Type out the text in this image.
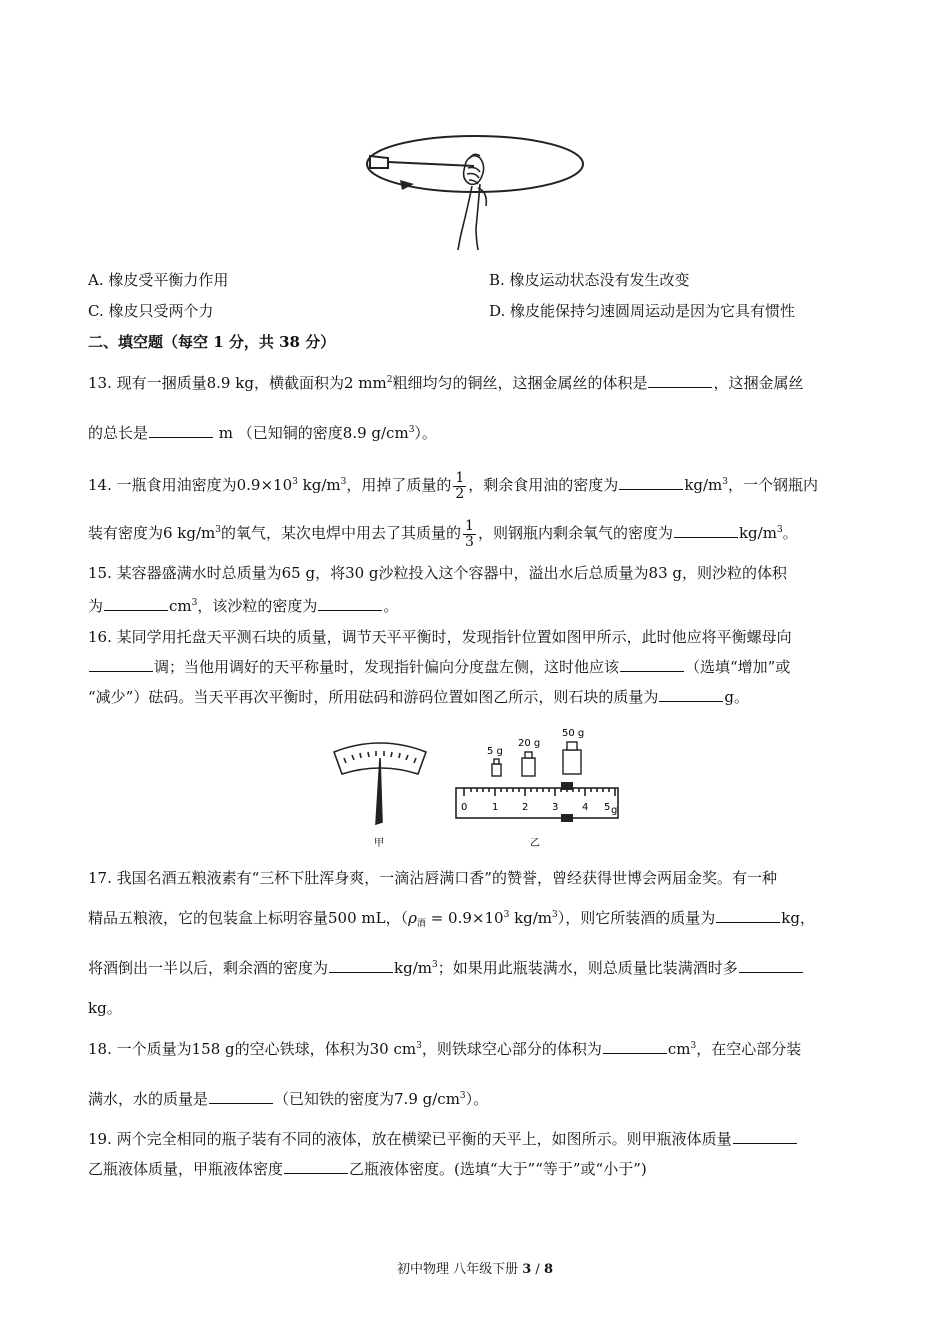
A. 橡皮受平衡力作用	B. 橡皮运动状态没有发生改变
C. 橡皮只受两个力	D. 橡皮能保持匀速圆周运动是因为它具有惯性
二、填空题（每空 1 分，共 38 分）
13. 现有一捆质量8.9 kg，横截面积为2 $mm^2$粗细均匀的铜丝，这捆金属丝的体积是	，这捆金属丝
的总长是	m （已知铜的密度8.9 $g/cm^3$）。
14. 一瓶食用油密度为$0.9\times 10^3$ $kg/m^3$，用掉了质量的 $\frac{1}{2}$ ，剩余食用油的密度为	$kg/m^3$，一个钢瓶内
装有密度为6 $kg/m^3$的氧气，某次电焊中用去了其质量的 $\frac{1}{3}$ ，则钢瓶内剩余氧气的密度为	$kg/m^3$。
15. 某容器盛满水时总质量为65 g，将30 g沙粒投入这个容器中，溢出水后总质量为83 g，则沙粒的体积
为	$cm^3$，该沙粒的密度为	。
16. 某同学用托盘天平测石块的质量，调节天平平衡时，发现指针位置如图甲所示，此时他应将平衡螺母向
调；当他用调好的天平称量时，发现指针偏向分度盘左侧，这时他应该	（选填“增加”或
“减少”）砝码。当天平再次平衡时，所用砝码和游码位置如图乙所示，则石块的质量为	g。
甲
5 g
20 g
50 g
0 1 2 3 4 5 g
乙
17. 我国名酒五粮液素有“三杯下肚浑身爽，一滴沾唇满口香”的赞誉，曾经获得世博会两届金奖。有一种
精品五粮液，它的包装盒上标明容量500 mL，（$\rho_酒 = 0.9\times 10^3$ $kg/m^3$），则它所装酒的质量为	kg，
将酒倒出一半以后，剩余酒的密度为	$kg/m^3$；如果用此瓶装满水，则总质量比装满酒时多
kg。
18. 一个质量为158 g的空心铁球，体积为30 $cm^3$，则铁球空心部分的体积为	$cm^3$，在空心部分装
满水，水的质量是	（已知铁的密度为7.9 $g/cm^3$）。
19. 两个完全相同的瓶子装有不同的液体，放在横梁已平衡的天平上，如图所示。则甲瓶液体质量
乙瓶液体质量，甲瓶液体密度	乙瓶液体密度。(选填“大于”“等于”或“小于”)
初中物理 八年级下册 3 / 8
